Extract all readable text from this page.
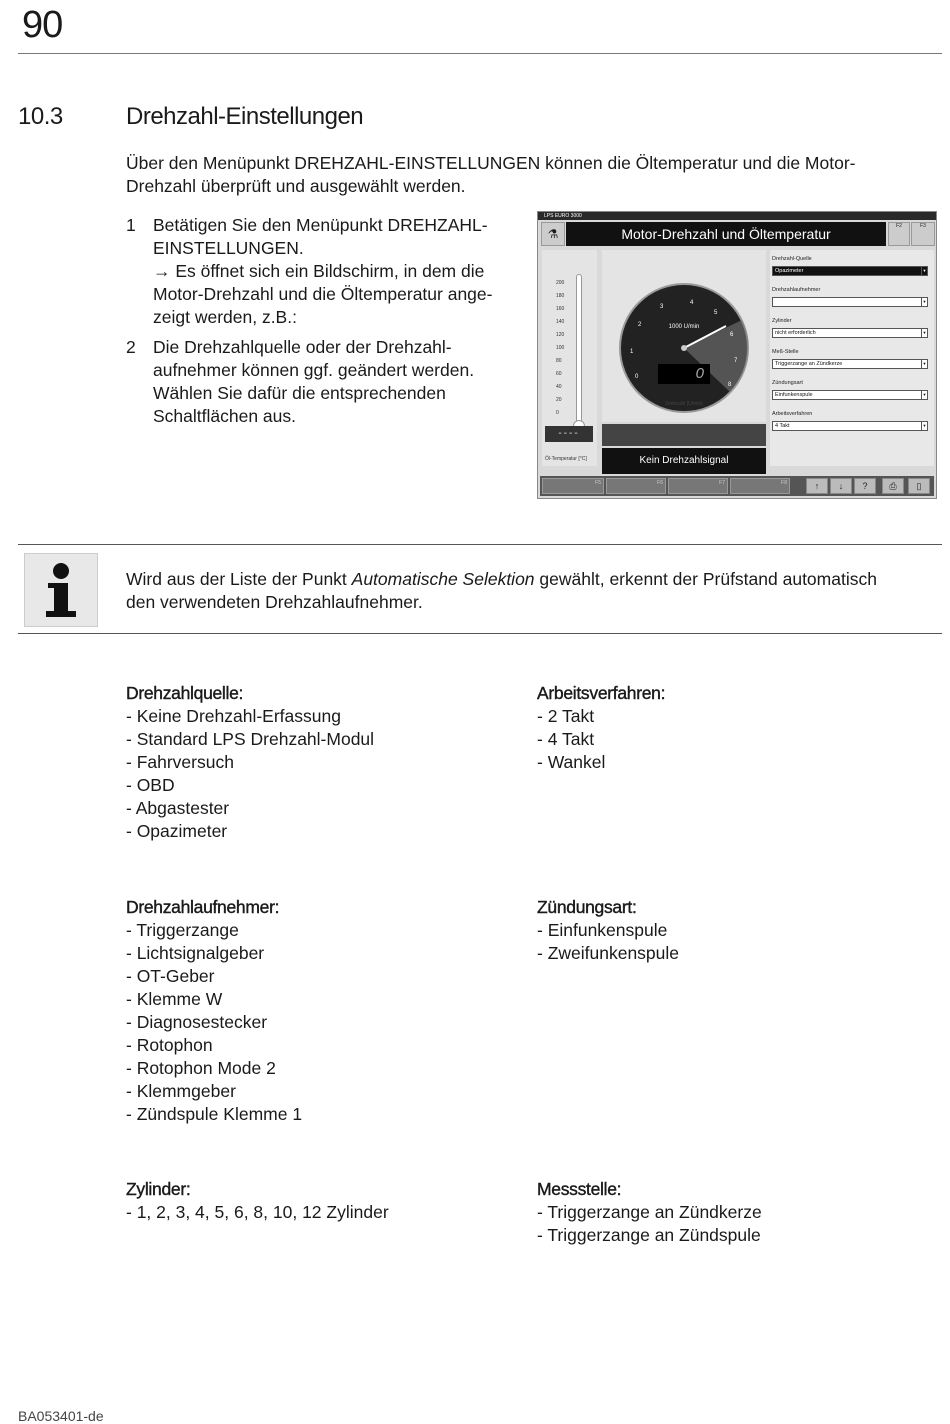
90
10.3	Drehzahl-Einstellungen
Über den Menüpunkt DREHZAHL-EINSTELLUNGEN können die Öltemperatur und die Motor-
Drehzahl überprüft und ausgewählt werden.
1 Betätigen Sie den Menüpunkt DREHZAHL-
EINSTELLUNGEN.
→ Es öffnet sich ein Bildschirm, in dem die
Motor-Drehzahl und die Öltemperatur ange-
zeigt werden, z.B.:
2 Die Drehzahlquelle oder der Drehzahl-
aufnehmer können ggf. geändert werden.
Wählen Sie dafür die entsprechenden
Schaltflächen aus.
LPS EURO 3000
⚗	Motor-Drehzahl und Öltemperatur	F2	F3
200
180
160
140
120
100
80
60
40
20
0
----
Öl-Temperatur [°C]
0
1
2
3
4
5
6
7
8
1000 U/min
0
Drehzahl [U/min]
Kein Drehzahlsignal
Drehzahl-Quelle
Opazimeter	▼
Drehzahlaufnehmer
▼
Zylinder
nicht erforderlich	▼
Meß-Stelle
Triggerzange an Zündkerze	▼
Zündungsart
Einfunkenspule	▼
Arbeitsverfahren
4 Takt	▼
F5	F6	F7	F8	↑	↓	?	⎙	▯
Wird aus der Liste der Punkt Automatische Selektion gewählt, erkennt der Prüfstand automatisch
den verwendeten Drehzahlaufnehmer.
Drehzahlquelle:
- Keine Drehzahl-Erfassung
- Standard LPS Drehzahl-Modul
- Fahrversuch
- OBD
- Abgastester
- Opazimeter
Arbeitsverfahren:
- 2 Takt
- 4 Takt
- Wankel
Drehzahlaufnehmer:
- Triggerzange
- Lichtsignalgeber
- OT-Geber
- Klemme W
- Diagnosestecker
- Rotophon
- Rotophon Mode 2
- Klemmgeber
- Zündspule Klemme 1
Zündungsart:
- Einfunkenspule
- Zweifunkenspule
Zylinder:
- 1, 2, 3, 4, 5, 6, 8, 10, 12 Zylinder
Messstelle:
- Triggerzange an Zündkerze
- Triggerzange an Zündspule
BA053401-de
